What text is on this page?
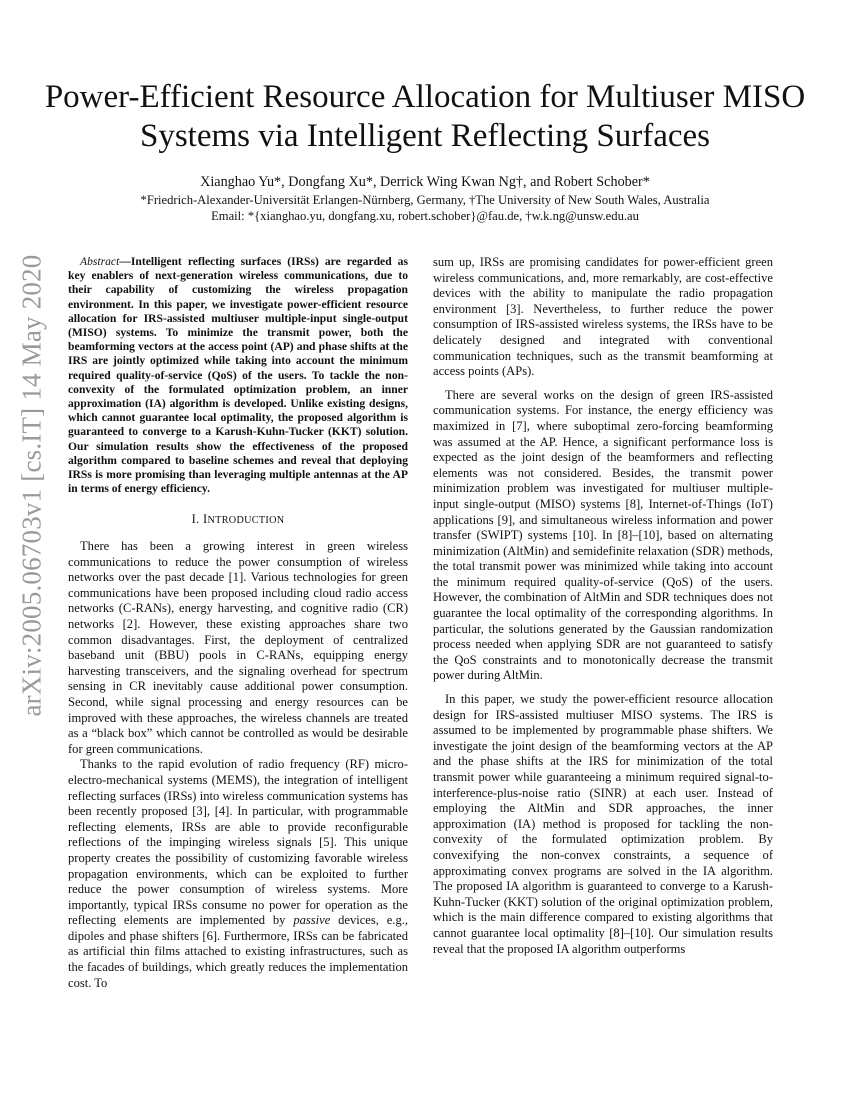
arXiv:2005.06703v1 [cs.IT] 14 May 2020
Power-Efficient Resource Allocation for Multiuser MISO Systems via Intelligent Reflecting Surfaces
Xianghao Yu*, Dongfang Xu*, Derrick Wing Kwan Ng†, and Robert Schober*
*Friedrich-Alexander-Universität Erlangen-Nürnberg, Germany, †The University of New South Wales, Australia
Email: *{xianghao.yu, dongfang.xu, robert.schober}@fau.de, †w.k.ng@unsw.edu.au

Abstract—Intelligent reflecting surfaces (IRSs) are regarded as key enablers of next-generation wireless communications, due to their capability of customizing the wireless propagation environment. In this paper, we investigate power-efficient resource allocation for IRS-assisted multiuser multiple-input single-output (MISO) systems. To minimize the transmit power, both the beamforming vectors at the access point (AP) and phase shifts at the IRS are jointly optimized while taking into account the minimum required quality-of-service (QoS) of the users. To tackle the non-convexity of the formulated optimization problem, an inner approximation (IA) algorithm is developed. Unlike existing designs, which cannot guarantee local optimality, the proposed algorithm is guaranteed to converge to a Karush-Kuhn-Tucker (KKT) solution. Our simulation results show the effectiveness of the proposed algorithm compared to baseline schemes and reveal that deploying IRSs is more promising than leveraging multiple antennas at the AP in terms of energy efficiency.

I. INTRODUCTION

There has been a growing interest in green wireless communications to reduce the power consumption of wireless networks over the past decade [1]. Various technologies for green communications have been proposed including cloud radio access networks (C-RANs), energy harvesting, and cognitive radio (CR) networks [2]. However, these existing approaches share two common disadvantages. First, the deployment of centralized baseband unit (BBU) pools in C-RANs, equipping energy harvesting transceivers, and the signaling overhead for spectrum sensing in CR inevitably cause additional power consumption. Second, while signal processing and energy resources can be improved with these approaches, the wireless channels are treated as a “black box” which cannot be controlled as would be desirable for green communications.

Thanks to the rapid evolution of radio frequency (RF) micro-electro-mechanical systems (MEMS), the integration of intelligent reflecting surfaces (IRSs) into wireless communication systems has been recently proposed [3], [4]. In particular, with programmable reflecting elements, IRSs are able to provide reconfigurable reflections of the impinging wireless signals [5]. This unique property creates the possibility of customizing favorable wireless propagation environments, which can be exploited to further reduce the power consumption of wireless systems. More importantly, typical IRSs consume no power for operation as the reflecting elements are implemented by passive devices, e.g., dipoles and phase shifters [6]. Furthermore, IRSs can be fabricated as artificial thin films attached to existing infrastructures, such as the facades of buildings, which greatly reduces the implementation cost. To

sum up, IRSs are promising candidates for power-efficient green wireless communications, and, more remarkably, are cost-effective devices with the ability to manipulate the radio propagation environment [3]. Nevertheless, to further reduce the power consumption of IRS-assisted wireless systems, the IRSs have to be delicately designed and integrated with conventional communication techniques, such as the transmit beamforming at access points (APs).

There are several works on the design of green IRS-assisted communication systems. For instance, the energy efficiency was maximized in [7], where suboptimal zero-forcing beamforming was assumed at the AP. Hence, a significant performance loss is expected as the joint design of the beamformers and reflecting elements was not considered. Besides, the transmit power minimization problem was investigated for multiuser multiple-input single-output (MISO) systems [8], Internet-of-Things (IoT) applications [9], and simultaneous wireless information and power transfer (SWIPT) systems [10]. In [8]–[10], based on alternating minimization (AltMin) and semidefinite relaxation (SDR) methods, the total transmit power was minimized while taking into account the minimum required quality-of-service (QoS) of the users. However, the combination of AltMin and SDR techniques does not guarantee the local optimality of the corresponding algorithms. In particular, the solutions generated by the Gaussian randomization process needed when applying SDR are not guaranteed to satisfy the QoS constraints and to monotonically decrease the transmit power during AltMin.

In this paper, we study the power-efficient resource allocation design for IRS-assisted multiuser MISO systems. The IRS is assumed to be implemented by programmable phase shifters. We investigate the joint design of the beamforming vectors at the AP and the phase shifts at the IRS for minimization of the total transmit power while guaranteeing a minimum required signal-to-interference-plus-noise ratio (SINR) at each user. Instead of employing the AltMin and SDR approaches, the inner approximation (IA) method is proposed for tackling the non-convexity of the formulated optimization problem. By convexifying the non-convex constraints, a sequence of approximating convex programs are solved in the IA algorithm. The proposed IA algorithm is guaranteed to converge to a Karush-Kuhn-Tucker (KKT) solution of the original optimization problem, which is the main difference compared to existing algorithms that cannot guarantee local optimality [8]–[10]. Our simulation results reveal that the proposed IA algorithm outperforms
